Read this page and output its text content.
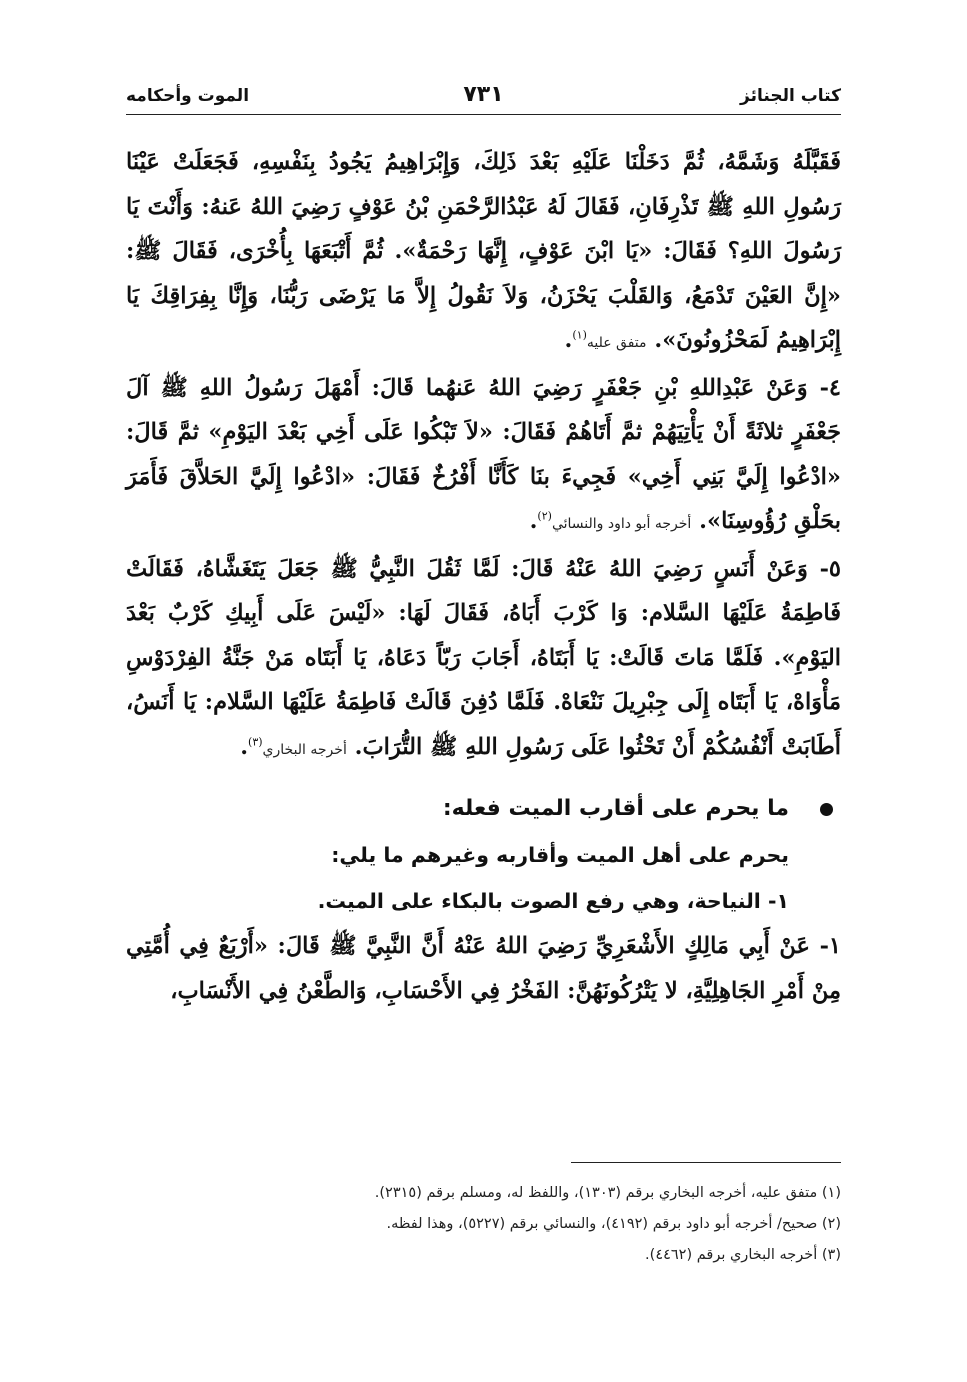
كتاب الجنائز
٧٣١
الموت وأحكامه

فَقَبَّلَهُ وَشَمَّهُ، ثُمَّ دَخَلْنَا عَلَيْهِ بَعْدَ ذَلِكَ، وَإِبْرَاهِيمُ يَجُودُ بِنَفْسِهِ، فَجَعَلَتْ عَيْنَا رَسُولِ اللهِ ﷺ تَذْرِفَانِ، فَقَالَ لَهُ عَبْدُالرَّحْمَنِ بْنُ عَوْفٍ رَضِيَ اللهُ عَنهُ: وَأَنْتَ يَا رَسُولَ اللهِ؟ فَقَالَ: «يَا ابْنَ عَوْفٍ، إِنَّهَا رَحْمَةٌ». ثُمَّ أَتْبَعَهَا بِأُخْرَى، فَقَالَ ﷺ: «إِنَّ العَيْنَ تَدْمَعُ، وَالقَلْبَ يَحْزَنُ، وَلاَ نَقُولُ إِلاَّ مَا يَرْضَى رَبُّنَا، وَإِنَّا بِفِرَاقِكَ يَا إِبْرَاهِيمُ لَمَحْزُونُونَ». متفق عليه$^{(١)}$.

٤- وَعَنْ عَبْدِاللهِ بْنِ جَعْفَرٍ رَضِيَ اللهُ عَنهُما قَالَ: أَمْهَلَ رَسُولُ اللهِ ﷺ آلَ جَعْفَرٍ ثلاثَةً أَنْ يَأْتِيَهُمْ ثمَّ أَتَاهُمْ فَقَالَ: «لاَ تَبْكُوا عَلَى أَخِي بَعْدَ اليَوْمِ» ثمَّ قَالَ: «ادْعُوا إِلَيَّ بَنِي أَخِي» فَجِيءَ بنَا كَأَنَّا أَفْرُخٌ فَقَالَ: «ادْعُوا إِلَيَّ الحَلاَّقَ فَأَمَرَ بحَلْقِ رُؤُوسِنَا». أخرجه أبو داود والنسائي$^{(٢)}$.

٥- وَعَنْ أَنَسٍ رَضِيَ اللهُ عَنْهُ قَالَ: لَمَّا ثَقُلَ النَّبِيُّ ﷺ جَعَلَ يَتَغَشَّاهُ، فَقَالَتْ فَاطِمَةُ عَلَيْهَا السَّلام: وَا كَرْبَ أَبَاهُ، فَقَالَ لَهَا: «لَيْسَ عَلَى أَبِيكِ كَرْبٌ بَعْدَ اليَوْمِ». فَلَمَّا مَاتَ قَالَتْ: يَا أَبَتَاهُ، أَجَابَ رَبّاً دَعَاهُ، يَا أَبَتَاه مَنْ جَنَّةُ الفِرْدَوْسِ مَأْوَاهْ، يَا أَبَتَاه إِلَى جِبْرِيلَ نَنْعَاهْ. فَلَمَّا دُفِنَ قَالَتْ فَاطِمَةُ عَلَيْهَا السَّلام: يَا أَنَسُ، أَطَابَتْ أَنْفُسُكُمْ أَنْ تَحْثُوا عَلَى رَسُولِ اللهِ ﷺ التُّرَابَ. أخرجه البخاري$^{(٣)}$.

ما يحرم على أقارب الميت فعله:
يحرم على أهل الميت وأقاربه وغيرهم ما يلي:
١- النياحة، وهي رفع الصوت بالبكاء على الميت.

١- عَنْ أَبِي مَالِكٍ الأَشْعَرِيِّ رَضِيَ اللهُ عَنْهُ أَنَّ النَّبِيَّ ﷺ قَالَ: «أَرْبَعٌ فِي أُمَّتِي مِنْ أَمْرِ الجَاهِلِيَّةِ، لا يَتْرُكُونَهُنَّ: الفَخْرُ فِي الأَحْسَابِ، وَالطَّعْنُ فِي الأَنْسَابِ،

(١) متفق عليه، أخرجه البخاري برقم (١٣٠٣)، واللفظ له، ومسلم برقم (٢٣١٥).
(٢) صحيح/ أخرجه أبو داود برقم (٤١٩٢)، والنسائي برقم (٥٢٢٧)، وهذا لفظه.
(٣) أخرجه البخاري برقم (٤٤٦٢).
